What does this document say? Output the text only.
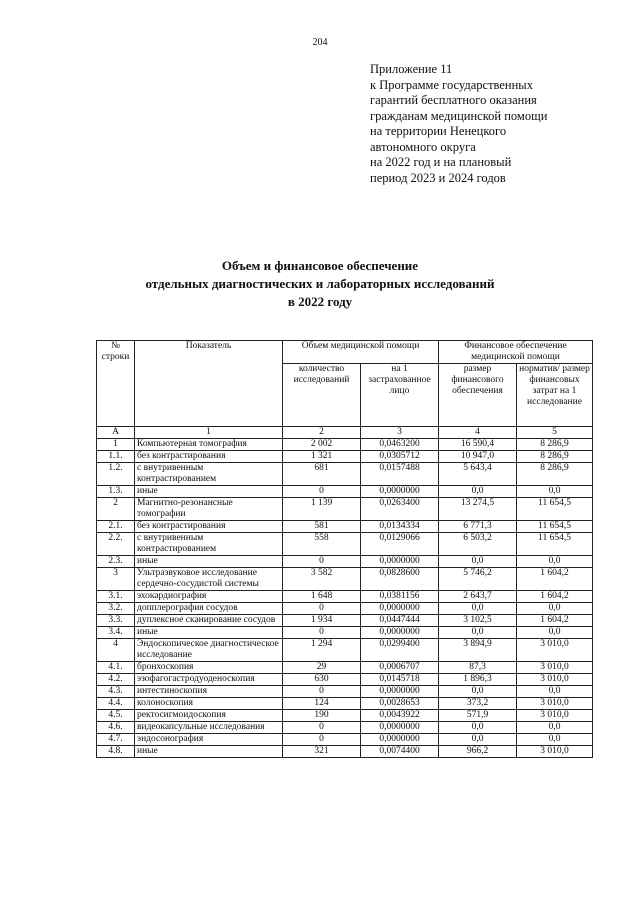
204
Приложение 11
к Программе государственных
гарантий бесплатного оказания
гражданам медицинской помощи
на территории Ненецкого
автономного округа
на 2022 год и на плановый
период 2023 и 2024 годов
Объем и финансовое обеспечение
отдельных диагностических и лабораторных исследований
в 2022 году
№ строки	Показатель	Объем медицинской помощи		Финансовое обеспечение медицинской помощи	
		количество исследований	на 1 застрахованное лицо	размер финансового обеспечения	норматив/ размер финансовых затрат на 1 исследование
А	1	2	3	4	5
1	Компьютерная томография	2 002	0,0463200	16 590,4	8 286,9
1.1.	без контрастирования	1 321	0,0305712	10 947,0	8 286,9
1.2.	с внутривенным контрастированием	681	0,0157488	5 643,4	8 286,9
1.3.	иные	0	0,0000000	0,0	0,0
2	Магнитно-резонансные томографии	1 139	0,0263400	13 274,5	11 654,5
2.1.	без контрастирования	581	0,0134334	6 771,3	11 654,5
2.2.	с внутривенным контрастированием	558	0,0129066	6 503,2	11 654,5
2.3.	иные	0	0,0000000	0,0	0,0
3	Ультразвуковое исследование сердечно-сосудистой системы	3 582	0,0828600	5 746,2	1 604,2
3.1.	эхокардиография	1 648	0,0381156	2 643,7	1 604,2
3.2.	допплерография сосудов	0	0,0000000	0,0	0,0
3.3.	дуплексное сканирование сосудов	1 934	0,0447444	3 102,5	1 604,2
3.4.	иные	0	0,0000000	0,0	0,0
4	Эндоскопическое диагностическое исследование	1 294	0,0299400	3 894,9	3 010,0
4.1.	бронхоскопия	29	0,0006707	87,3	3 010,0
4.2.	эзофагогастродуоденоскопия	630	0,0145718	1 896,3	3 010,0
4.3.	интестиноскопия	0	0,0000000	0,0	0,0
4.4.	колоноскопия	124	0,0028653	373,2	3 010,0
4.5.	ректосигмоидоскопия	190	0,0043922	571,9	3 010,0
4.6.	видеокапсульные исследования	0	0,0000000	0,0	0,0
4.7.	эндосонография	0	0,0000000	0,0	0,0
4.8.	иные	321	0,0074400	966,2	3 010,0
